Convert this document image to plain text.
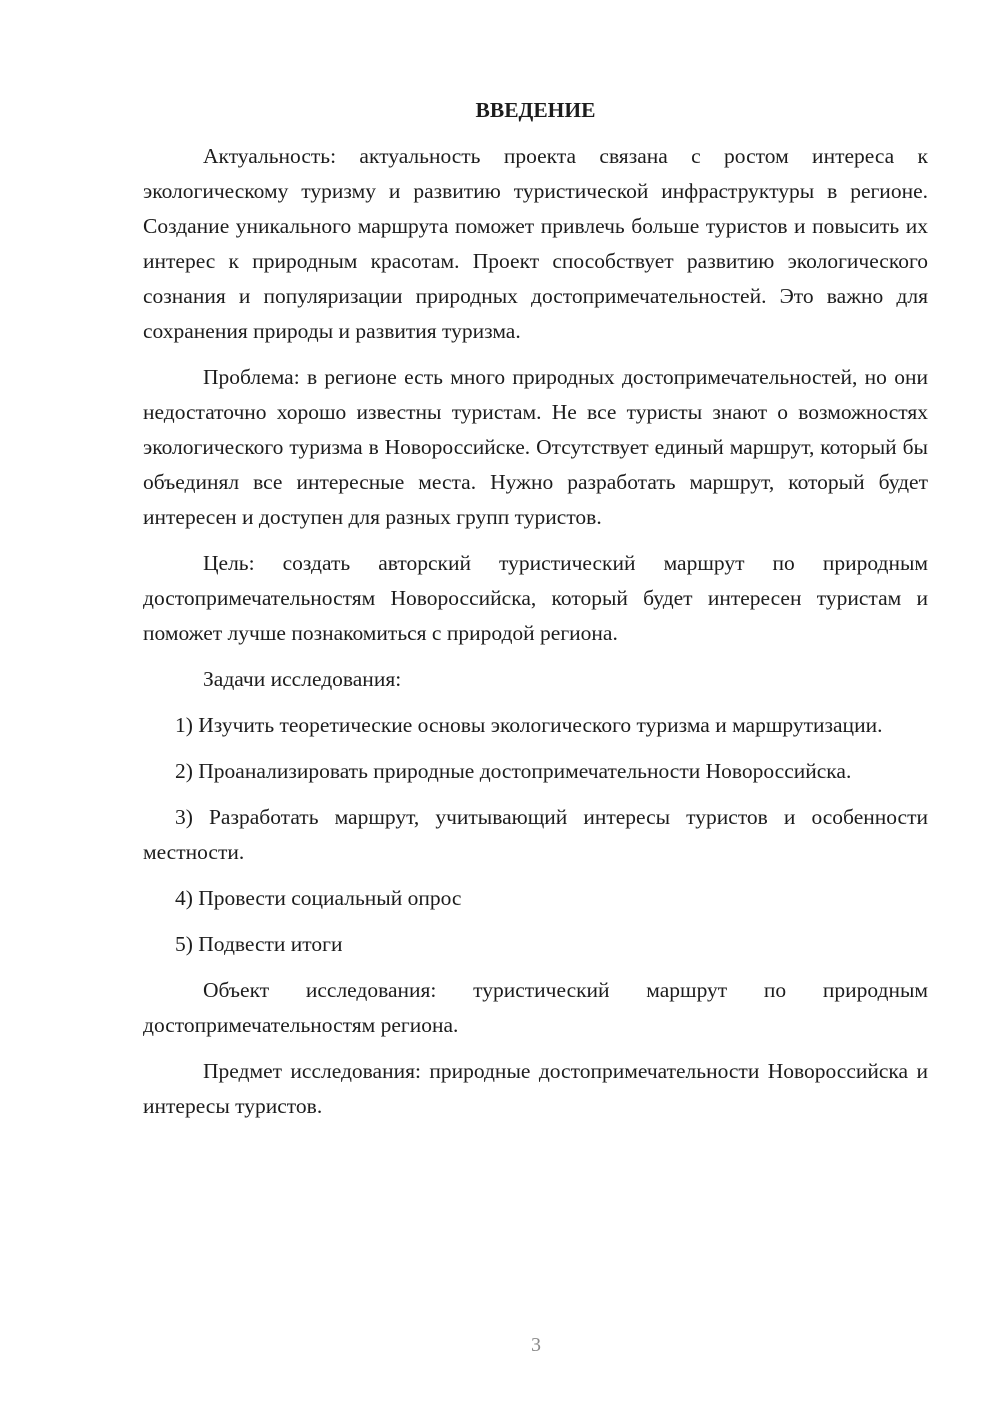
ВВЕДЕНИЕ

Актуальность: актуальность проекта связана с ростом интереса к экологическому туризму и развитию туристической инфраструктуры в регионе. Создание уникального маршрута поможет привлечь больше туристов и повысить их интерес к природным красотам. Проект способствует развитию экологического сознания и популяризации природных достопримечательностей. Это важно для сохранения природы и развития туризма.

Проблема: в регионе есть много природных достопримечательностей, но они недостаточно хорошо известны туристам. Не все туристы знают о возможностях экологического туризма в Новороссийске. Отсутствует единый маршрут, который бы объединял все интересные места. Нужно разработать маршрут, который будет интересен и доступен для разных групп туристов.

Цель: создать авторский туристический маршрут по природным достопримечательностям Новороссийска, который будет интересен туристам и поможет лучше познакомиться с природой региона.

Задачи исследования:

1) Изучить теоретические основы экологического туризма и маршрутизации.

2) Проанализировать природные достопримечательности Новороссийска.

3) Разработать маршрут, учитывающий интересы туристов и особенности местности.

4) Провести социальный опрос

5) Подвести итоги

Объект исследования: туристический маршрут по природным достопримечательностям региона.

Предмет исследования: природные достопримечательности Новороссийска и интересы туристов.

3
